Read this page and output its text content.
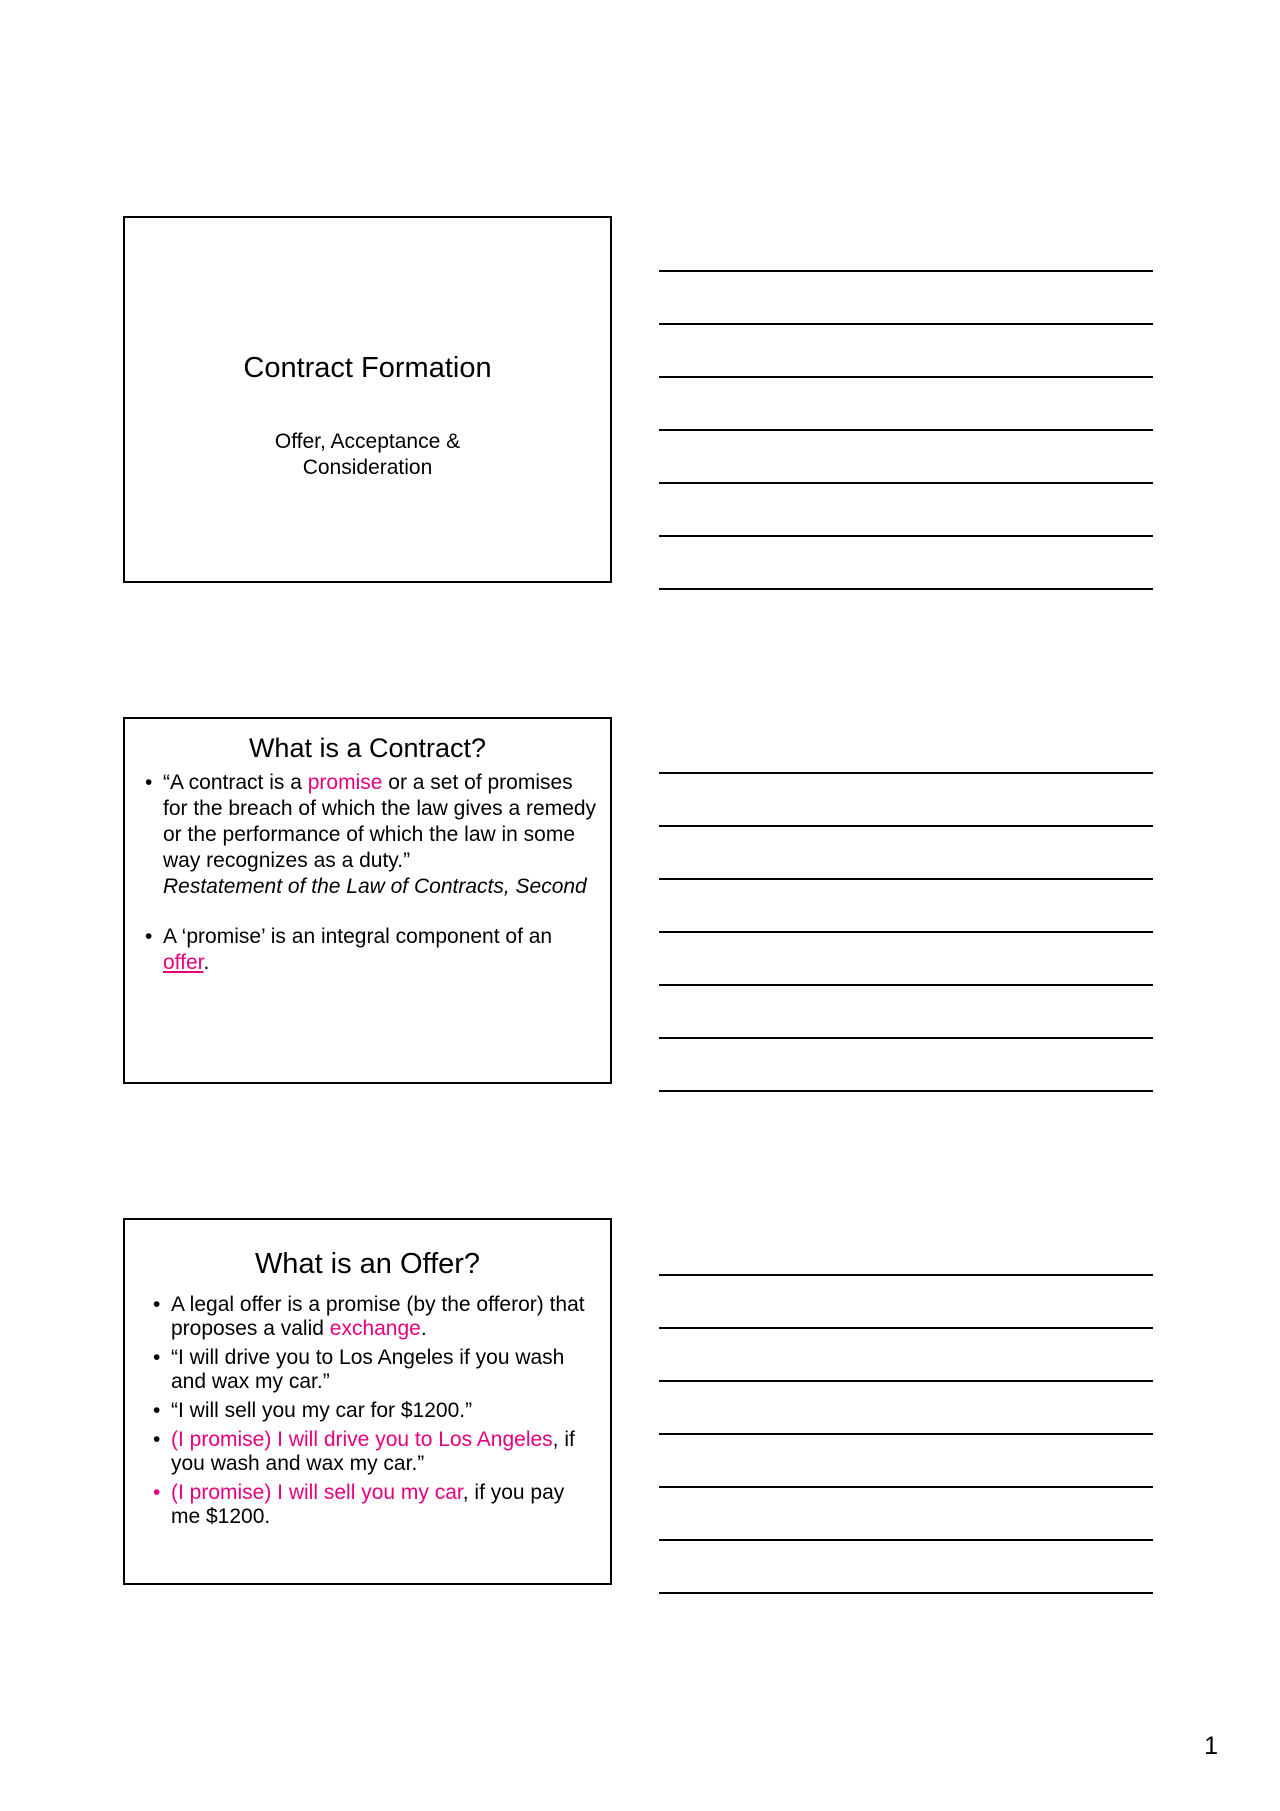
Contract Formation
Offer, Acceptance &
Consideration
What is a Contract?
• “A contract is a promise or a set of promises for the breach of which the law gives a remedy or the performance of which the law in some way recognizes as a duty.”
Restatement of the Law of Contracts, Second
• A ‘promise’ is an integral component of an offer.
What is an Offer?
• A legal offer is a promise (by the offeror) that proposes a valid exchange.
• “I will drive you to Los Angeles if you wash and wax my car.”
• “I will sell you my car for $1200.”
• (I promise) I will drive you to Los Angeles, if you wash and wax my car.”
• (I promise) I will sell you my car, if you pay me $1200.
1
